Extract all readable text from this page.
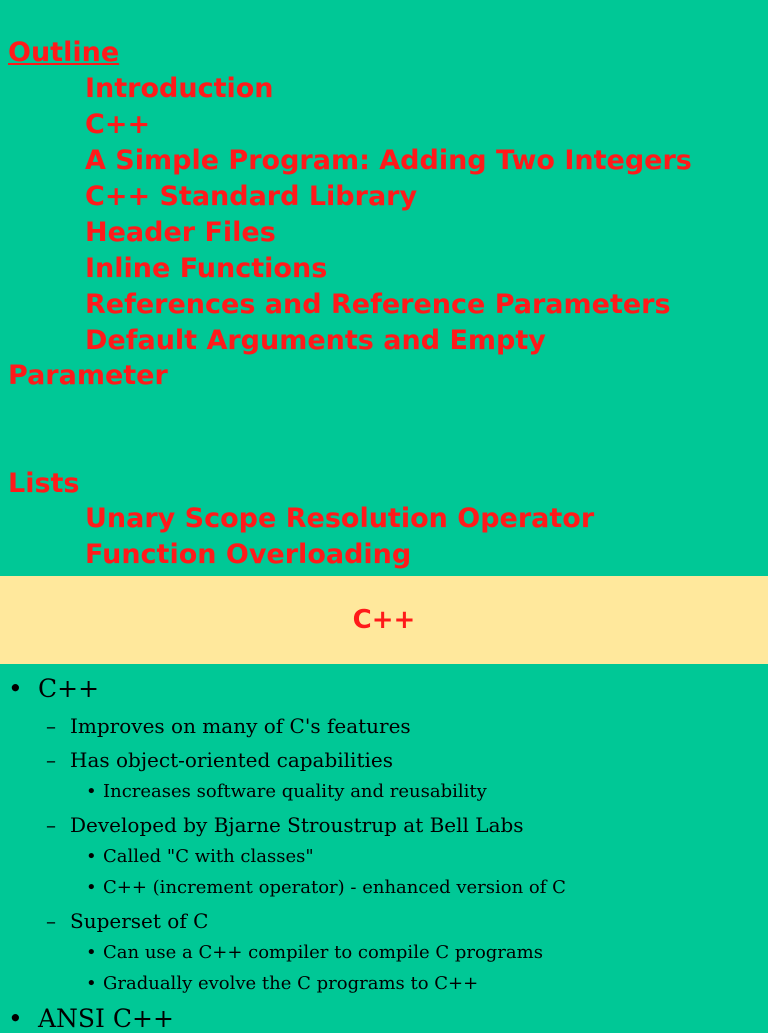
Outline
Introduction
C++
A Simple Program: Adding Two Integers
C++ Standard Library
Header Files
Inline Functions
References and Reference Parameters
Default Arguments and Empty
Parameter
Lists
Unary Scope Resolution Operator
Function Overloading
C++
• C++
– Improves on many of C's features
– Has object-oriented capabilities
• Increases software quality and reusability
– Developed by Bjarne Stroustrup at Bell Labs
• Called "C with classes"
• C++ (increment operator) - enhanced version of C
– Superset of C
• Can use a C++ compiler to compile C programs
• Gradually evolve the C programs to C++
• ANSI C++
